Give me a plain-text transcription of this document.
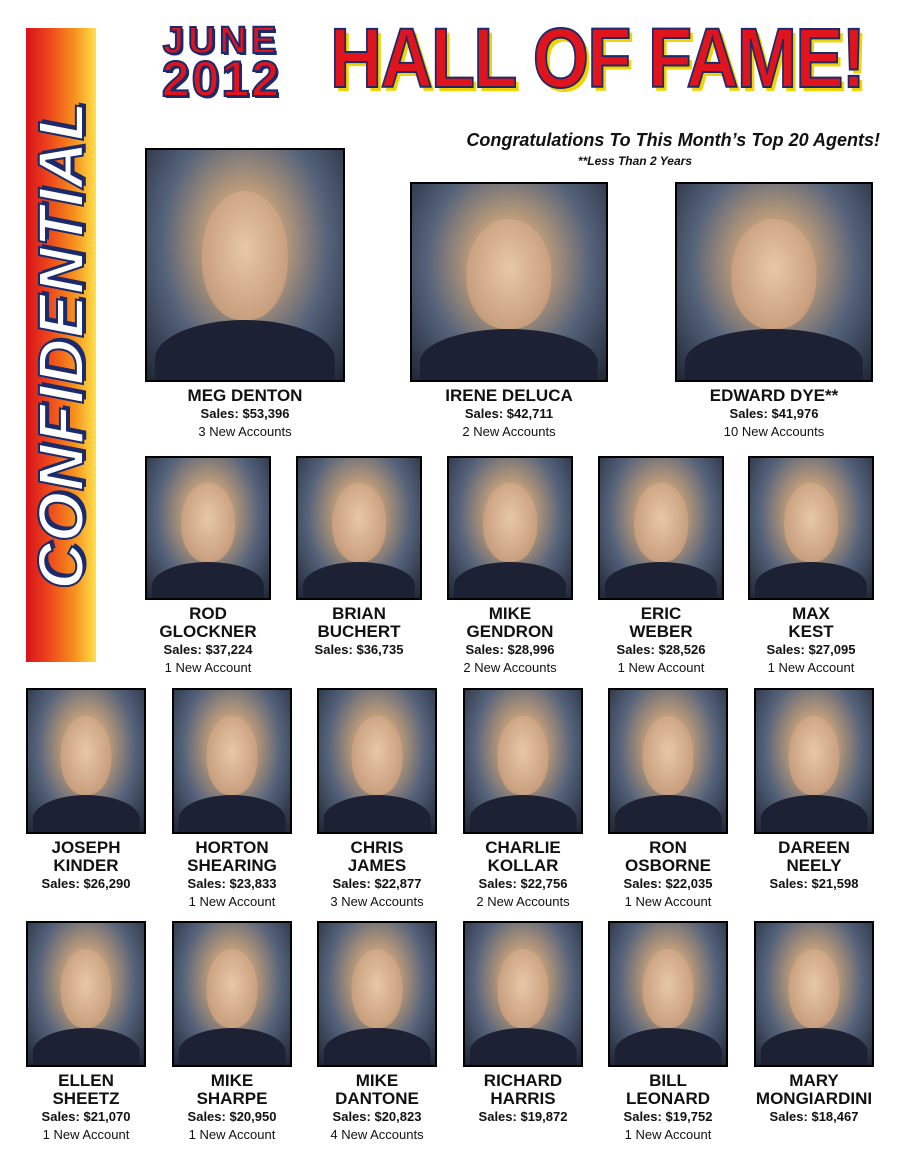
CONFIDENTIAL
JUNE
2012 HALL OF FAME!
Congratulations To This Month’s Top 20 Agents!
**Less Than 2 Years
MEG DENTON
Sales: $53,396
3 New Accounts
IRENE DELUCA
Sales: $42,711
2 New Accounts
EDWARD DYE**
Sales: $41,976
10 New Accounts
ROD
GLOCKNER
Sales: $37,224
1 New Account
BRIAN
BUCHERT
Sales: $36,735
MIKE
GENDRON
Sales: $28,996
2 New Accounts
ERIC
WEBER
Sales: $28,526
1 New Account
MAX
KEST
Sales: $27,095
1 New Account
JOSEPH
KINDER
Sales: $26,290
HORTON
SHEARING
Sales: $23,833
1 New Account
CHRIS
JAMES
Sales: $22,877
3 New Accounts
CHARLIE
KOLLAR
Sales: $22,756
2 New Accounts
RON
OSBORNE
Sales: $22,035
1 New Account
DAREEN
NEELY
Sales: $21,598
ELLEN
SHEETZ
Sales: $21,070
1 New Account
MIKE
SHARPE
Sales: $20,950
1 New Account
MIKE
DANTONE
Sales: $20,823
4 New Accounts
RICHARD
HARRIS
Sales: $19,872
BILL
LEONARD
Sales: $19,752
1 New Account
MARY
MONGIARDINI
Sales: $18,467
